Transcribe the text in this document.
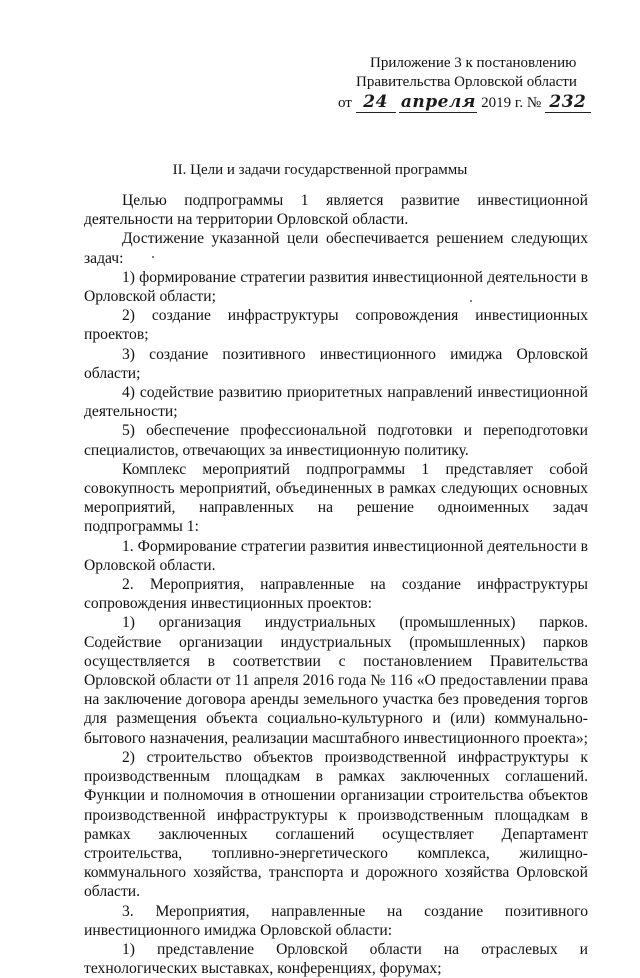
Приложение 3 к постановлению
Правительства Орловской области
от 24 апреля 2019 г. № 232
II. Цели и задачи государственной программы

Целью подпрограммы 1 является развитие инвестиционной деятельности на территории Орловской области.

Достижение указанной цели обеспечивается решением следующих задач:

1) формирование стратегии развития инвестиционной деятельности в Орловской области;

2) создание инфраструктуры сопровождения инвестиционных проектов;

3) создание позитивного инвестиционного имиджа Орловской области;

4) содействие развитию приоритетных направлений инвестиционной деятельности;

5) обеспечение профессиональной подготовки и переподготовки специалистов, отвечающих за инвестиционную политику.

Комплекс мероприятий подпрограммы 1 представляет собой совокупность мероприятий, объединенных в рамках следующих основных мероприятий, направленных на решение одноименных задач подпрограммы 1:

1. Формирование стратегии развития инвестиционной деятельности в Орловской области.

2. Мероприятия, направленные на создание инфраструктуры сопровождения инвестиционных проектов:

1) организация индустриальных (промышленных) парков. Содействие организации индустриальных (промышленных) парков осуществляется в соответствии с постановлением Правительства Орловской области от 11 апреля 2016 года № 116 «О предоставлении права на заключение договора аренды земельного участка без проведения торгов для размещения объекта социально-культурного и (или) коммунально-бытового назначения, реализации масштабного инвестиционного проекта»;

2) строительство объектов производственной инфраструктуры к производственным площадкам в рамках заключенных соглашений. Функции и полномочия в отношении организации строительства объектов производственной инфраструктуры к производственным площадкам в рамках заключенных соглашений осуществляет Департамент строительства, топливно-энергетического комплекса, жилищно-коммунального хозяйства, транспорта и дорожного хозяйства Орловской области.

3. Мероприятия, направленные на создание позитивного инвестиционного имиджа Орловской области:

1) представление Орловской области на отраслевых и технологических выставках, конференциях, форумах;
